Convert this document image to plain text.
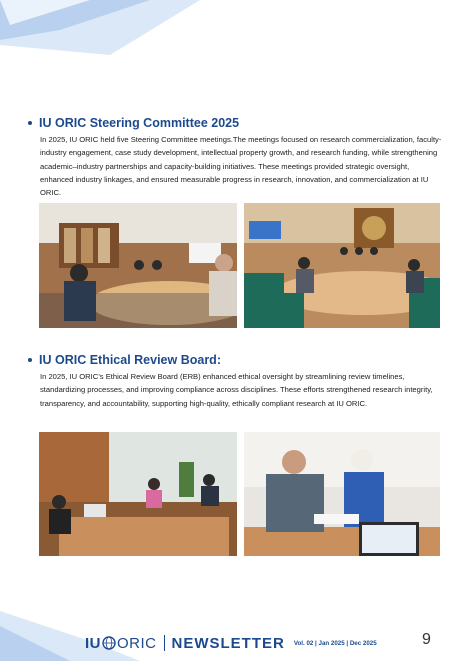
IU ORIC Steering Committee 2025

In 2025, IU ORIC held five Steering Committee meetings.The meetings focused on research commercialization, faculty-industry engagement, case study development, intellectual property growth, and research funding, while strengthening academic–industry partnerships and capacity-building initiatives. These meetings provided strategic oversight, enhanced industry linkages, and ensured measurable progress in research, innovation, and commercialization at IU ORIC.

IU ORIC Ethical Review Board:

In 2025, IU ORIC’s Ethical Review Board (ERB) enhanced ethical oversight by streamlining review timelines, standardizing processes, and improving compliance across disciplines. These efforts strengthened research integrity, transparency, and accountability, supporting high-quality, ethically compliant research at IU ORIC.

IU ORIC NEWSLETTER Vol. 02 | Jan 2025 | Dec 2025	9
